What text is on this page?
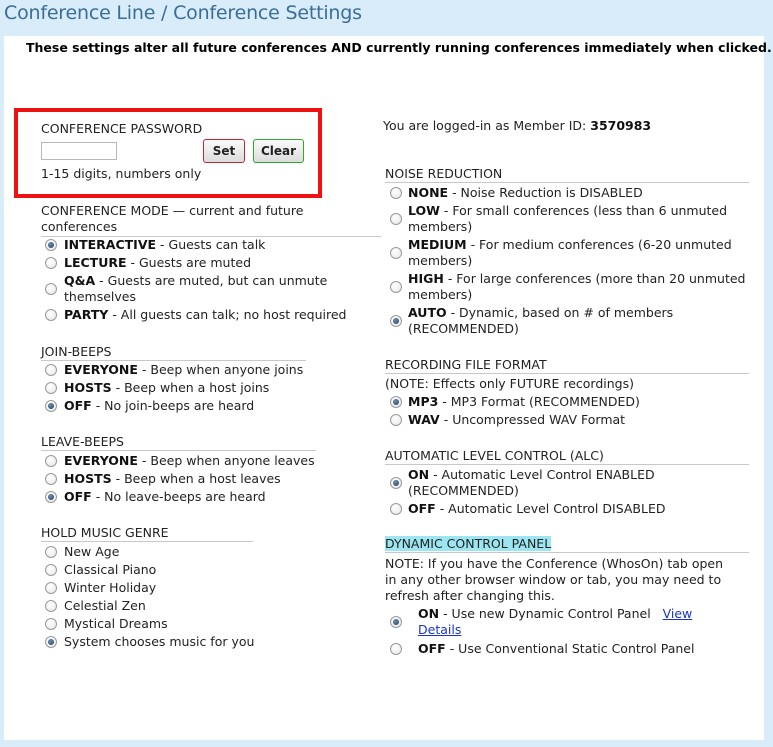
Conference Line / Conference Settings
These settings alter all future conferences AND currently running conferences immediately when clicked.
CONFERENCE PASSWORD
Set	Clear
1-15 digits, numbers only
You are logged-in as Member ID: 3570983
CONFERENCE MODE — current and future
conferences
INTERACTIVE - Guests can talk
LECTURE - Guests are muted
Q&A - Guests are muted, but can unmute
themselves
PARTY - All guests can talk; no host required
JOIN-BEEPS
EVERYONE - Beep when anyone joins
HOSTS - Beep when a host joins
OFF - No join-beeps are heard
LEAVE-BEEPS
EVERYONE - Beep when anyone leaves
HOSTS - Beep when a host leaves
OFF - No leave-beeps are heard
HOLD MUSIC GENRE
New Age
Classical Piano
Winter Holiday
Celestial Zen
Mystical Dreams
System chooses music for you
NOISE REDUCTION
NONE - Noise Reduction is DISABLED
LOW - For small conferences (less than 6 unmuted
members)
MEDIUM - For medium conferences (6-20 unmuted
members)
HIGH - For large conferences (more than 20 unmuted
members)
AUTO - Dynamic, based on # of members
(RECOMMENDED)
RECORDING FILE FORMAT
(NOTE: Effects only FUTURE recordings)
MP3 - MP3 Format (RECOMMENDED)
WAV - Uncompressed WAV Format
AUTOMATIC LEVEL CONTROL (ALC)
ON - Automatic Level Control ENABLED
(RECOMMENDED)
OFF - Automatic Level Control DISABLED
DYNAMIC CONTROL PANEL
NOTE: If you have the Conference (WhosOn) tab open
in any other browser window or tab, you may need to
refresh after changing this.
ON - Use new Dynamic Control Panel   View
Details
OFF - Use Conventional Static Control Panel
